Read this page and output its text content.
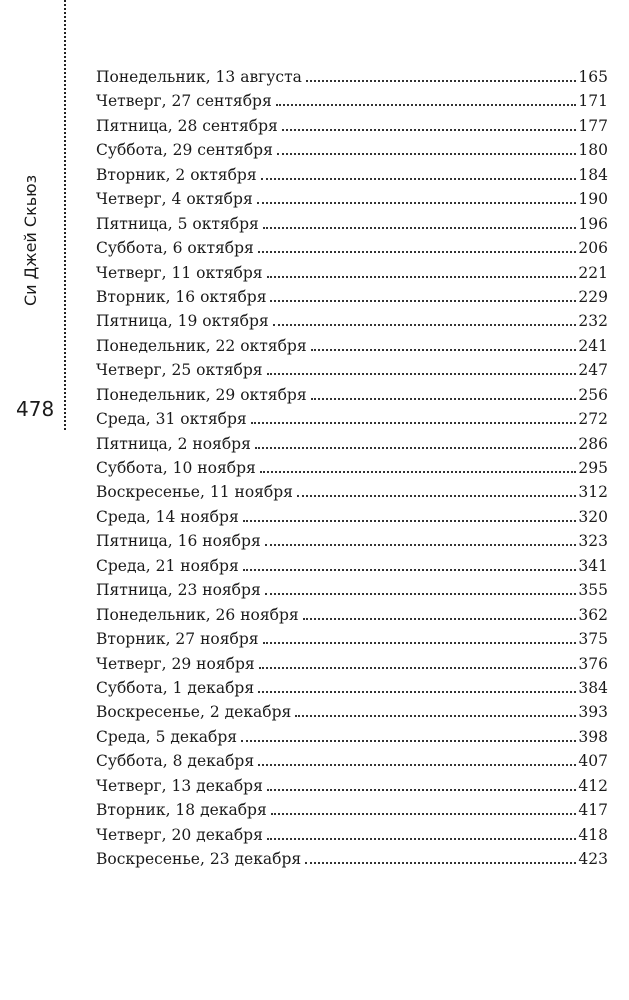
Си Джей Скьюз
478
Понедельник, 13 августа	165
Четверг, 27 сентября	171
Пятница, 28 сентября	177
Суббота, 29 сентября	180
Вторник, 2 октября	184
Четверг, 4 октября	190
Пятница, 5 октября	196
Суббота, 6 октября	206
Четверг, 11 октября	221
Вторник, 16 октября	229
Пятница, 19 октября	232
Понедельник, 22 октября	241
Четверг, 25 октября	247
Понедельник, 29 октября	256
Среда, 31 октября	272
Пятница, 2 ноября	286
Суббота, 10 ноября	295
Воскресенье, 11 ноября	312
Среда, 14 ноября	320
Пятница, 16 ноября	323
Среда, 21 ноября	341
Пятница, 23 ноября	355
Понедельник, 26 ноября	362
Вторник, 27 ноября	375
Четверг, 29 ноября	376
Суббота, 1 декабря	384
Воскресенье, 2 декабря	393
Среда, 5 декабря	398
Суббота, 8 декабря	407
Четверг, 13 декабря	412
Вторник, 18 декабря	417
Четверг, 20 декабря	418
Воскресенье, 23 декабря	423
